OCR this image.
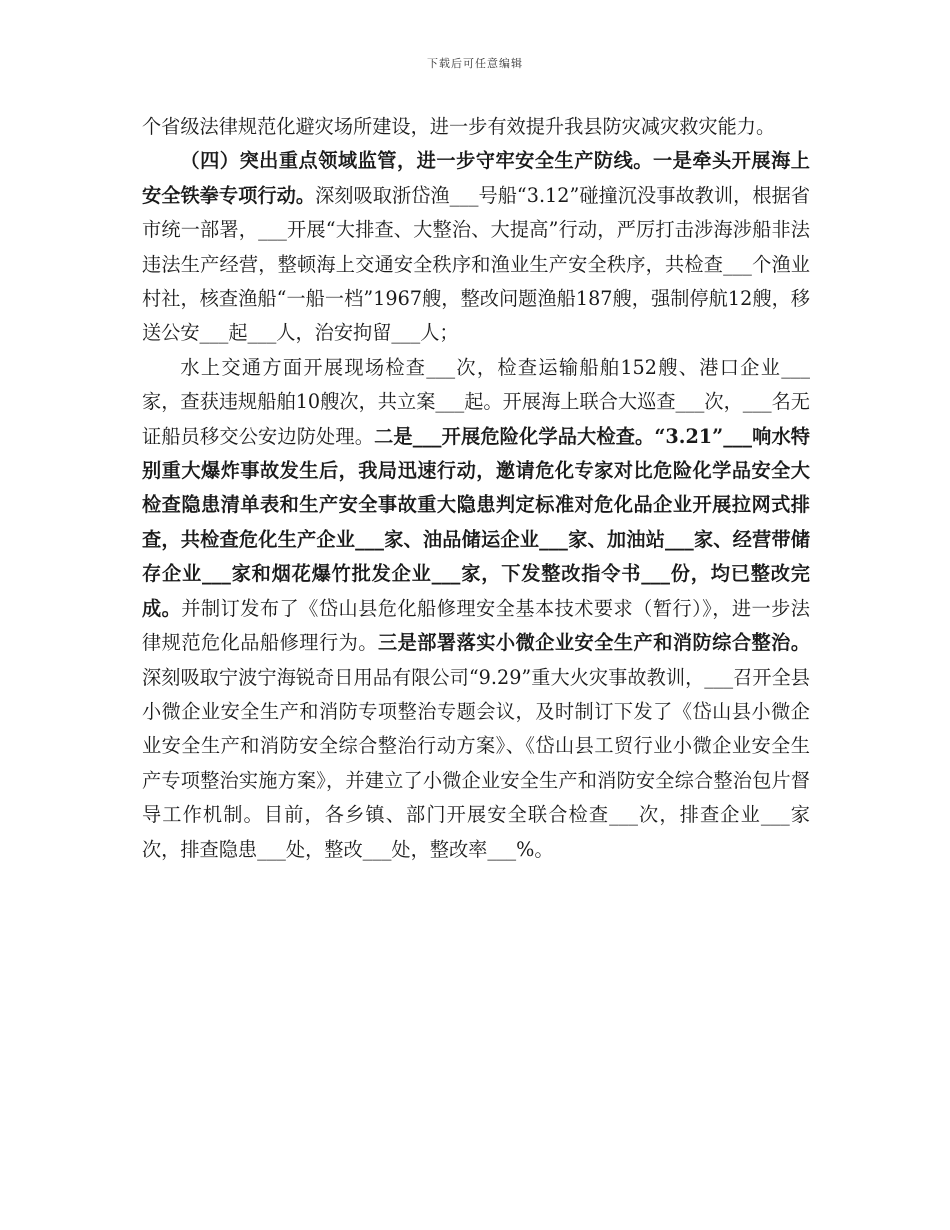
下载后可任意编辑

个省级法律规范化避灾场所建设，进一步有效提升我县防灾减灾救灾能力。

（四）突出重点领域监管，进一步守牢安全生产防线。一是牵头开展海上安全铁拳专项行动。深刻吸取浙岱渔___号船“3.12”碰撞沉没事故教训，根据省市统一部署，___开展“大排查、大整治、大提高”行动，严厉打击涉海涉船非法违法生产经营，整顿海上交通安全秩序和渔业生产安全秩序，共检查___个渔业村社，核查渔船“一船一档”1967艘，整改问题渔船187艘，强制停航12艘，移送公安___起___人，治安拘留___人；

水上交通方面开展现场检查___次，检查运输船舶152艘、港口企业___家，查获违规船舶10艘次，共立案___起。开展海上联合大巡查___次，___名无证船员移交公安边防处理。二是___开展危险化学品大检查。“3.21”___响水特别重大爆炸事故发生后，我局迅速行动，邀请危化专家对比危险化学品安全大检查隐患清单表和生产安全事故重大隐患判定标准对危化品企业开展拉网式排查，共检查危化生产企业___家、油品储运企业___家、加油站___家、经营带储存企业___家和烟花爆竹批发企业___家，下发整改指令书___份，均已整改完成。并制订发布了《岱山县危化船修理安全基本技术要求（暂行）》，进一步法律规范危化品船修理行为。三是部署落实小微企业安全生产和消防综合整治。深刻吸取宁波宁海锐奇日用品有限公司“9.29”重大火灾事故教训，___召开全县小微企业安全生产和消防专项整治专题会议，及时制订下发了《岱山县小微企业安全生产和消防安全综合整治行动方案》、《岱山县工贸行业小微企业安全生产专项整治实施方案》，并建立了小微企业安全生产和消防安全综合整治包片督导工作机制。目前，各乡镇、部门开展安全联合检查___次，排查企业___家次，排查隐患___处，整改___处，整改率___%。
